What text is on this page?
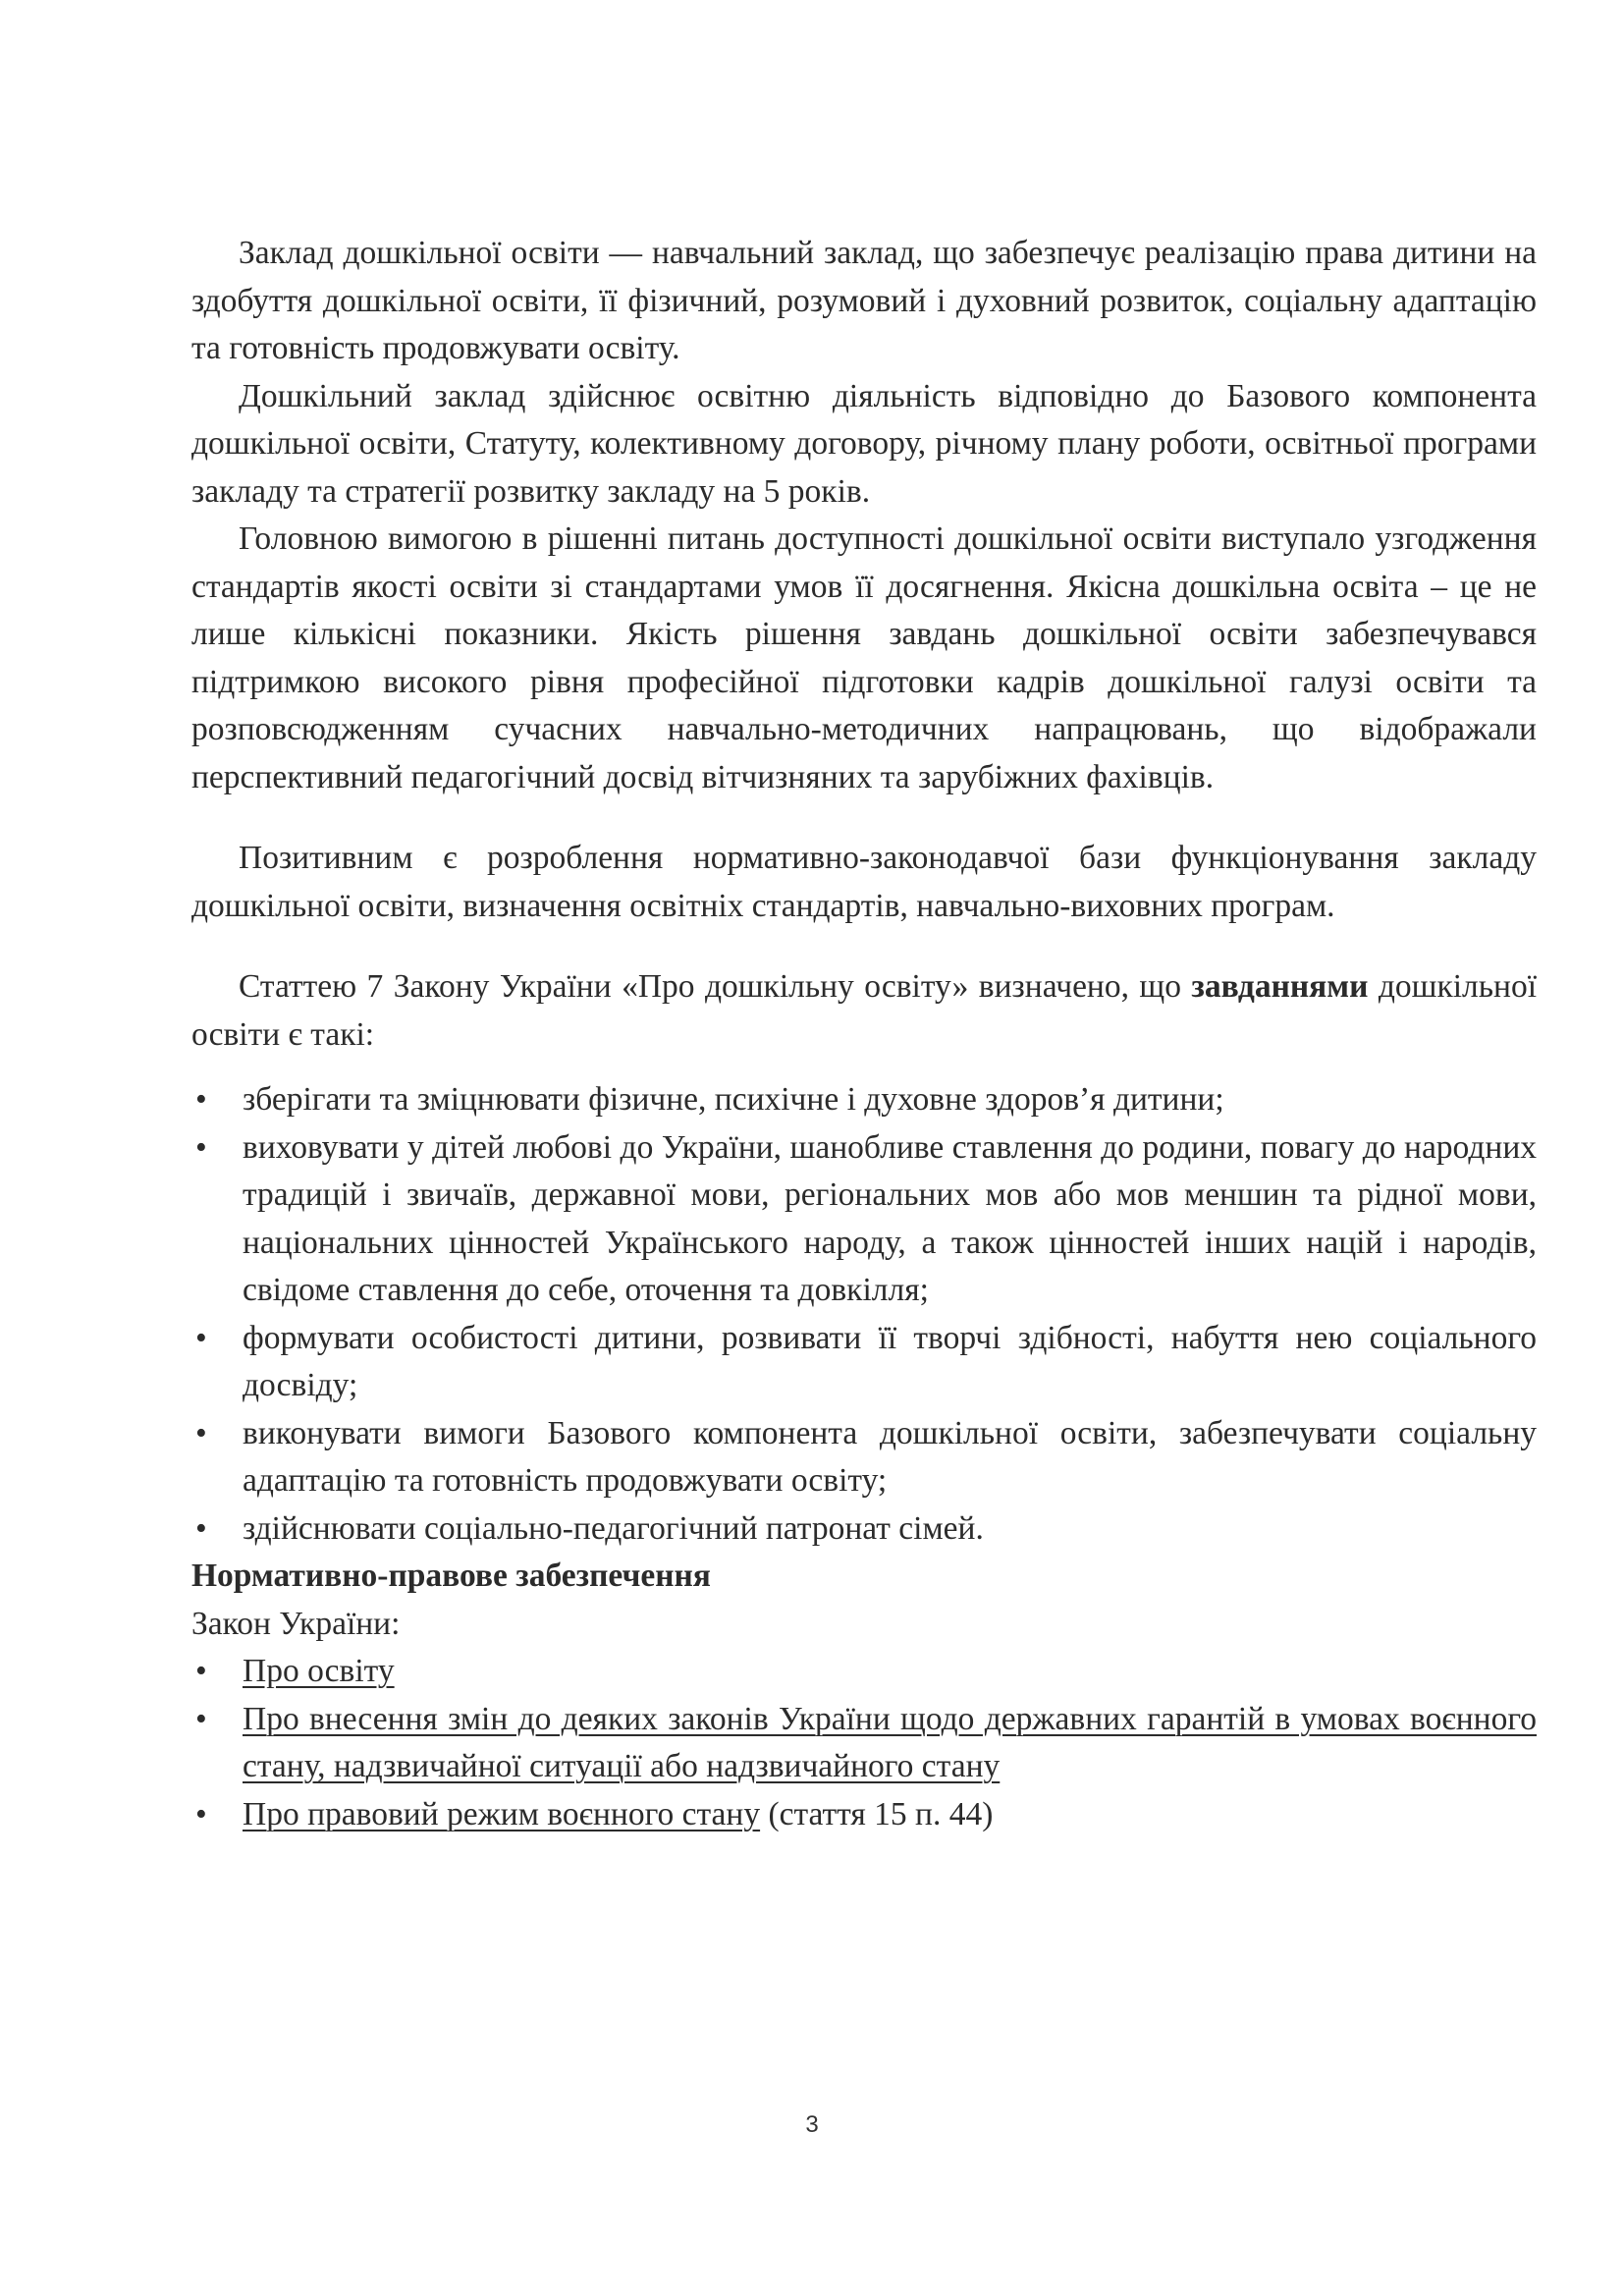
Заклад дошкільної освіти — навчальний заклад, що забезпечує реалізацію права дитини на здобуття дошкільної освіти, її фізичний, розумовий і духовний розвиток, соціальну адаптацію та готовність продовжувати освіту.

Дошкільний заклад здійснює освітню діяльність відповідно до Базового компонента дошкільної освіти, Статуту, колективному договору, річному плану роботи, освітньої програми закладу та стратегії розвитку закладу на 5 років.

Головною вимогою в рішенні питань доступності дошкільної освіти виступало узгодження стандартів якості освіти зі стандартами умов її досягнення. Якісна дошкільна освіта – це не лише кількісні показники. Якість рішення завдань дошкільної освіти забезпечувався підтримкою високого рівня професійної підготовки кадрів дошкільної галузі освіти та розповсюдженням сучасних навчально-методичних напрацювань, що відображали перспективний педагогічний досвід вітчизняних та зарубіжних фахівців.

Позитивним є розроблення нормативно-законодавчої бази функціонування закладу дошкільної освіти, визначення освітніх стандартів, навчально-виховних програм.

Статтею 7 Закону України «Про дошкільну освіту» визначено, що завданнями дошкільної освіти є такі:

• зберігати та зміцнювати фізичне, психічне і духовне здоров’я дитини;
• виховувати у дітей любові до України, шанобливе ставлення до родини, повагу до народних традицій і звичаїв, державної мови, регіональних мов або мов меншин та рідної мови, національних цінностей Українського народу, а також цінностей інших націй і народів, свідоме ставлення до себе, оточення та довкілля;
• формувати особистості дитини, розвивати її творчі здібності, набуття нею соціального досвіду;
• виконувати вимоги Базового компонента дошкільної освіти, забезпечувати соціальну адаптацію та готовність продовжувати освіту;
• здійснювати соціально-педагогічний патронат сімей.
Нормативно-правове забезпечення
Закон України:
• Про освіту
• Про внесення змін до деяких законів України щодо державних гарантій в умовах воєнного стану, надзвичайної ситуації або надзвичайного стану
• Про правовий режим воєнного стану (стаття 15 п. 44)
3
